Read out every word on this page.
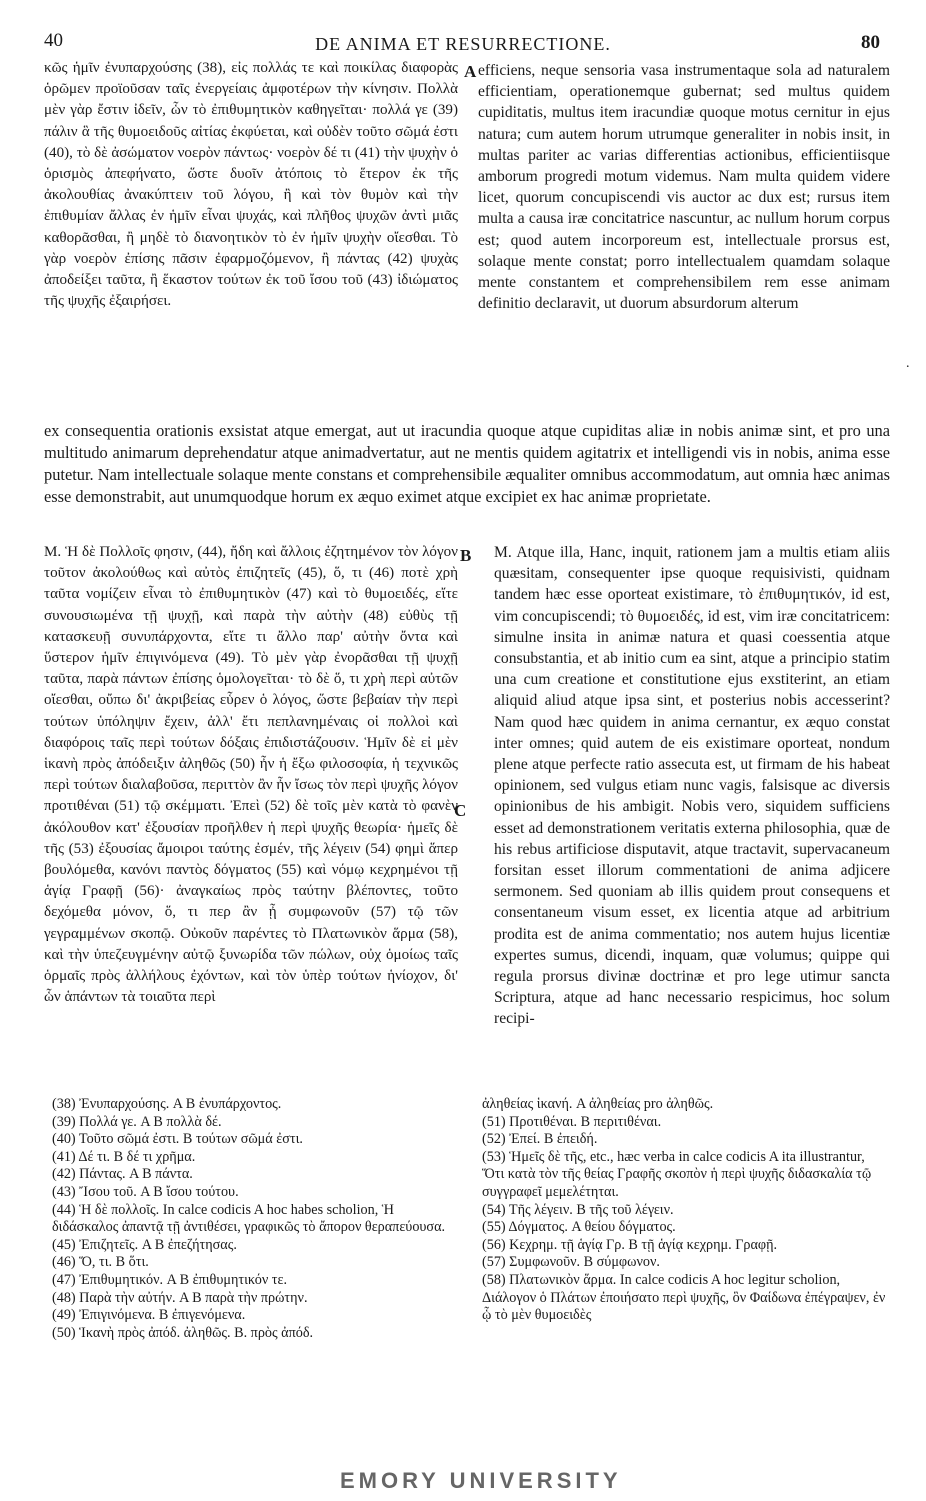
40	DE ANIMA ET RESURRECTIONE.	80

κῶς ἡμῖν ἐνυπαρχούσης (38), εἰς πολλάς τε καὶ ποικίλας διαφορὰς ὁρῶμεν προϊοῦσαν ταῖς ἐνεργείαις ἀμφοτέρων τὴν κίνησιν. Πολλὰ μὲν γὰρ ἔστιν ἰδεῖν, ὧν τὸ ἐπιθυμητικὸν καθηγεῖται· πολλά γε (39) πάλιν ἃ τῆς θυμοειδοῦς αἰτίας ἐκφύεται, καὶ οὐδὲν τοῦτο σῶμά ἐστι (40), τὸ δὲ ἀσώματον νοερὸν πάντως· νοερὸν δέ τι (41) τὴν ψυχὴν ὁ ὁρισμὸς ἀπεφήνατο, ὥστε δυοῖν ἀτόποις τὸ ἕτερον ἐκ τῆς ἀκολουθίας ἀνακύπτειν τοῦ λόγου, ἢ καὶ τὸν θυμὸν καὶ τὴν ἐπιθυμίαν ἄλλας ἐν ἡμῖν εἶναι ψυχάς, καὶ πλῆθος ψυχῶν ἀντὶ μιᾶς καθορᾶσθαι, ἢ μηδὲ τὸ διανοητικὸν τὸ ἐν ἡμῖν ψυχὴν οἴεσθαι. Τὸ γὰρ νοερὸν ἐπίσης πᾶσιν ἐφαρμοζόμενον, ἢ πάντας (42) ψυχὰς ἀποδείξει ταῦτα, ἢ ἕκαστον τούτων ἐκ τοῦ ἴσου τοῦ (43) ἰδιώματος τῆς ψυχῆς ἐξαιρήσει.

A efficiens, neque sensoria vasa instrumentaque sola ad naturalem efficientiam, operationemque gubernat; sed multus quidem cupiditatis, multus item iracundiæ quoque motus cernitur in ejus natura; cum autem horum utrumque generaliter in nobis insit, in multas pariter ac varias differentias actionibus, efficientiisque amborum progredi motum videmus. Nam multa quidem videre licet, quorum concupiscendi vis auctor ac dux est; rursus item multa a causa iræ concitatrice nascuntur, ac nullum horum corpus est; quod autem incorporeum est, intellectuale prorsus est, solaque mente constat; porro intellectualem quamdam solaque mente constantem et comprehensibilem rem esse animam definitio declaravit, ut duorum absurdorum alterum

.

ex consequentia orationis exsistat atque emergat, aut ut iracundia quoque atque cupiditas aliæ in nobis animæ sint, et pro una multitudo animarum deprehendatur atque animadvertatur, aut ne mentis quidem agitatrix et intelligendi vis in nobis, anima esse putetur. Nam intellectuale solaque mente constans et comprehensibile æqualiter omnibus accommodatum, aut omnia hæc animas esse demonstrabit, aut unumquodque horum ex æquo eximet atque excipiet ex hac animæ proprietate.

Μ. Ἡ δὲ Πολλοῖς φησιν, (44), ἤδη καὶ ἄλλοις ἐζητημένον τὸν λόγον τοῦτον ἀκολούθως καὶ αὐτὸς ἐπιζητεῖς (45), ὅ, τι (46) ποτὲ χρὴ ταῦτα νομίζειν εἶναι τὸ ἐπιθυμητικὸν (47) καὶ τὸ θυμοειδές, εἴτε συνουσιωμένα τῇ ψυχῇ, καὶ παρὰ τὴν αὐτὴν (48) εὐθὺς τῇ κατασκευῇ συνυπάρχοντα, εἴτε τι ἄλλο παρ' αὐτὴν ὄντα καὶ ὕστερον ἡμῖν ἐπιγινόμενα (49). Τὸ μὲν γὰρ ἐνορᾶσθαι τῇ ψυχῇ ταῦτα, παρὰ πάντων ἐπίσης ὁμολογεῖται· τὸ δὲ ὅ, τι χρὴ περὶ αὐτῶν οἴεσθαι, οὔπω δι' ἀκριβείας εὗρεν ὁ λόγος, ὥστε βεβαίαν τὴν περὶ τούτων ὑπόληψιν ἔχειν, ἀλλ' ἔτι πεπλανημέναις οἱ πολλοὶ καὶ διαφόροις ταῖς περὶ τούτων δόξαις ἐπιδιστάζουσιν. Ἡμῖν δὲ εἰ μὲν ἱκανὴ πρὸς ἀπόδειξιν ἀληθῶς (50) ἦν ἡ ἔξω φιλοσοφία, ἡ τεχνικῶς περὶ τούτων διαλαβοῦσα, περιττὸν ἂν ἦν ἴσως τὸν περὶ ψυχῆς λόγον προτιθέναι (51) τῷ σκέμματι. Ἐπεὶ (52) δὲ τοῖς μὲν κατὰ τὸ φανὲν ἀκόλουθον κατ' ἐξουσίαν προῆλθεν ἡ περὶ ψυχῆς θεωρία· ἡμεῖς δὲ τῆς (53) ἐξουσίας ἄμοιροι ταύτης ἐσμέν, τῆς λέγειν (54) φημὶ ἅπερ βουλόμεθα, κανόνι παντὸς δόγματος (55) καὶ νόμῳ κεχρημένοι τῇ ἁγίᾳ Γραφῇ (56)· ἀναγκαίως πρὸς ταύτην βλέποντες, τοῦτο δεχόμεθα μόνον, ὅ, τι περ ἂν ᾖ συμφωνοῦν (57) τῷ τῶν γεγραμμένων σκοπῷ. Οὐκοῦν παρέντες τὸ Πλατωνικὸν ἅρμα (58), καὶ τὴν ὑπεζευγμένην αὐτῷ ξυνωρίδα τῶν πώλων, οὐχ ὁμοίως ταῖς ὁρμαῖς πρὸς ἀλλήλους ἐχόντων, καὶ τὸν ὑπὲρ τούτων ἡνίοχον, δι' ὧν ἁπάντων τὰ τοιαῦτα περὶ

B
C

M. Atque illa, Hanc, inquit, rationem jam a multis etiam aliis quæsitam, consequenter ipse quoque requisivisti, quidnam tandem hæc esse oporteat existimare, τὸ ἐπιθυμητικόν, id est, vim concupiscendi; τὸ θυμοειδές, id est, vim iræ concitatricem: simulne insita in animæ natura et quasi coessentia atque consubstantia, et ab initio cum ea sint, atque a principio statim una cum creatione et constitutione ejus exstiterint, an etiam aliquid aliud atque ipsa sint, et posterius nobis accesserint? Nam quod hæc quidem in anima cernantur, ex æquo constat inter omnes; quid autem de eis existimare oporteat, nondum plene atque perfecte ratio assecuta est, ut firmam de his habeat opinionem, sed vulgus etiam nunc vagis, falsisque ac diversis opinionibus de his ambigit. Nobis vero, siquidem sufficiens esset ad demonstrationem veritatis externa philosophia, quæ de his rebus artificiose disputavit, atque tractavit, supervacaneum forsitan esset illorum commentationi de anima adjicere sermonem. Sed quoniam ab illis quidem prout consequens et consentaneum visum esset, ex licentia atque ad arbitrium prodita est de anima commentatio; nos autem hujus licentiæ expertes sumus, dicendi, inquam, quæ volumus; quippe qui regula prorsus divinæ doctrinæ et pro lege utimur sancta Scriptura, atque ad hanc necessario respicimus, hoc solum recipi-

(38) Ἐνυπαρχούσης. A B ἐνυπάρχοντος.

(39) Πολλά γε. A B πολλὰ δέ.

(40) Τοῦτο σῶμά ἐστι. B τούτων σῶμά ἐστι.

(41) Δέ τι. B δέ τι χρῆμα.

(42) Πάντας. A B πάντα.

(43) Ἴσου τοῦ. A B ἴσου τούτου.

(44) Ἡ δὲ πολλοῖς. In calce codicis A hoc habes scholion, Ἡ διδάσκαλος ἀπαντᾷ τῇ ἀντιθέσει, γραφικῶς τὸ ἄπορον θεραπεύουσα.

(45) Ἐπιζητεῖς. A B ἐπεζήτησας.

(46) Ὅ, τι. B ὅτι.

(47) Ἐπιθυμητικόν. A B ἐπιθυμητικόν τε.

(48) Παρὰ τὴν αὐτήν. A B παρὰ τὴν πρώτην.

(49) Ἐπιγινόμενα. B ἐπιγενόμενα.

(50) Ἱκανὴ πρὸς ἀπόδ. ἀληθῶς. B. πρὸς ἀπόδ.

ἀληθείας ἱκανή. A ἀληθείας pro ἀληθῶς.

(51) Προτιθέναι. B περιτιθέναι.

(52) Ἐπεί. B ἐπειδή.

(53) Ἡμεῖς δὲ τῆς, etc., hæc verba in calce codicis A ita illustrantur, Ὅτι κατὰ τὸν τῆς θείας Γραφῆς σκοπὸν ἡ περὶ ψυχῆς διδασκαλία τῷ συγγραφεῖ μεμελέτηται.

(54) Τῆς λέγειν. B τῆς τοῦ λέγειν.

(55) Δόγματος. A θείου δόγματος.

(56) Κεχρημ. τῇ ἁγίᾳ Γρ. B τῇ ἁγίᾳ κεχρημ. Γραφῇ.

(57) Συμφωνοῦν. B σύμφωνον.

(58) Πλατωνικὸν ἅρμα. In calce codicis A hoc legitur scholion, Διάλογον ὁ Πλάτων ἐποιήσατο περὶ ψυχῆς, ὃν Φαίδωνα ἐπέγραψεν, ἐν ᾧ τὸ μὲν θυμοειδὲς

EMORY UNIVERSITY
